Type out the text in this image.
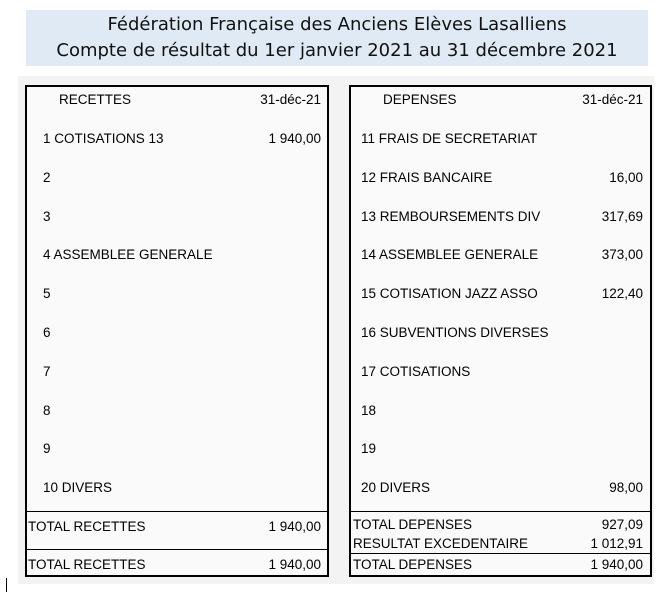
Fédération Française des Anciens Elèves Lasalliens
Compte de résultat du 1er janvier 2021 au 31 décembre 2021
RECETTES	31-déc-21
1 COTISATIONS 13	1 940,00
2
3
4 ASSEMBLEE GENERALE
5
6
7
8
9
10 DIVERS
TOTAL RECETTES	1 940,00
TOTAL RECETTES	1 940,00
DEPENSES	31-déc-21
11 FRAIS DE SECRETARIAT
12 FRAIS BANCAIRE	16,00
13 REMBOURSEMENTS DIV	317,69
14 ASSEMBLEE GENERALE	373,00
15 COTISATION JAZZ ASSO	122,40
16 SUBVENTIONS DIVERSES
17 COTISATIONS
18
19
20 DIVERS	98,00
TOTAL DEPENSES	927,09
RESULTAT EXCEDENTAIRE	1 012,91
TOTAL DEPENSES	1 940,00
